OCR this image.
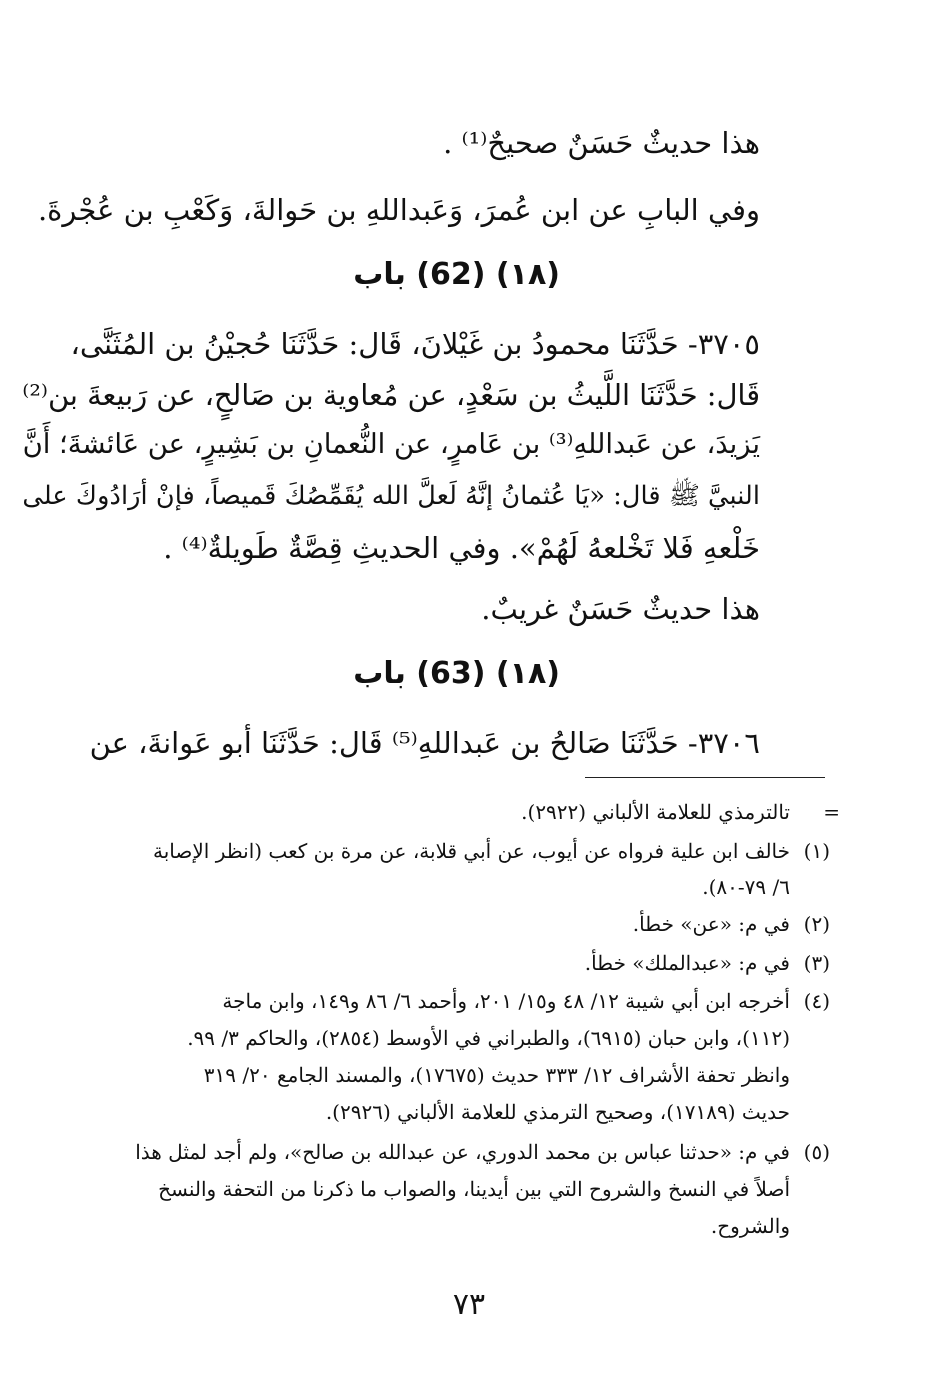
هذا حديثٌ حَسَنٌ صحيحٌ⁽¹⁾ .
وفي البابِ عن ابن عُمرَ، وَعَبداللهِ بن حَوالةَ، وَكَعْبِ بن عُجْرةَ.
(١٨) (62) باب
٣٧٠٥- حَدَّثَنَا محمودُ بن غَيْلانَ، قَال: حَدَّثَنَا حُجيْنُ بن المُثَنَّى،
قَال: حَدَّثَنَا اللَّيثُ بن سَعْدٍ، عن مُعاوية بن صَالحٍ، عن رَبيعةَ بن⁽²⁾
يَزيدَ، عن عَبداللهِ⁽³⁾ بن عَامرٍ، عن النُّعمانِ بن بَشِيرٍ، عن عَائشةَ؛ أَنَّ
النبيَّ ﷺ قال: «يَا عُثمانُ إنَّهُ لَعلَّ الله يُقَمِّصُكَ قَميصاً، فإنْ أرَادُوكَ على
خَلْعهِ فَلا تَخْلعهُ لَهُمْ». وفي الحديثِ قِصَّةٌ طَويلةٌ⁽⁴⁾ .
هذا حديثٌ حَسَنٌ غريبٌ.
(١٨) (63) باب
٣٧٠٦- حَدَّثَنَا صَالحُ بن عَبداللهِ⁽⁵⁾ قَال: حَدَّثَنَا أبو عَوانةَ، عن
=
تالترمذي للعلامة الألباني (٢٩٢٢).
(١)
خالف ابن علية فرواه عن أيوب، عن أبي قلابة، عن مرة بن كعب (انظر الإصابة
٦/ ٧٩-٨٠).
(٢)
في م: «عن» خطأ.
(٣)
في م: «عبدالملك» خطأ.
(٤)
أخرجه ابن أبي شيبة ١٢/ ٤٨ و١٥/ ٢٠١، وأحمد ٦/ ٨٦ و١٤٩، وابن ماجة
(١١٢)، وابن حبان (٦٩١٥)، والطبراني في الأوسط (٢٨٥٤)، والحاكم ٣/ ٩٩.
وانظر تحفة الأشراف ١٢/ ٣٣٣ حديث (١٧٦٧٥)، والمسند الجامع ٢٠/ ٣١٩
حديث (١٧١٨٩)، وصحيح الترمذي للعلامة الألباني (٢٩٢٦).
(٥)
في م: «حدثنا عباس بن محمد الدوري، عن عبدالله بن صالح»، ولم أجد لمثل هذا
أصلاً في النسخ والشروح التي بين أيدينا، والصواب ما ذكرنا من التحفة والنسخ
والشروح.
٧٣
